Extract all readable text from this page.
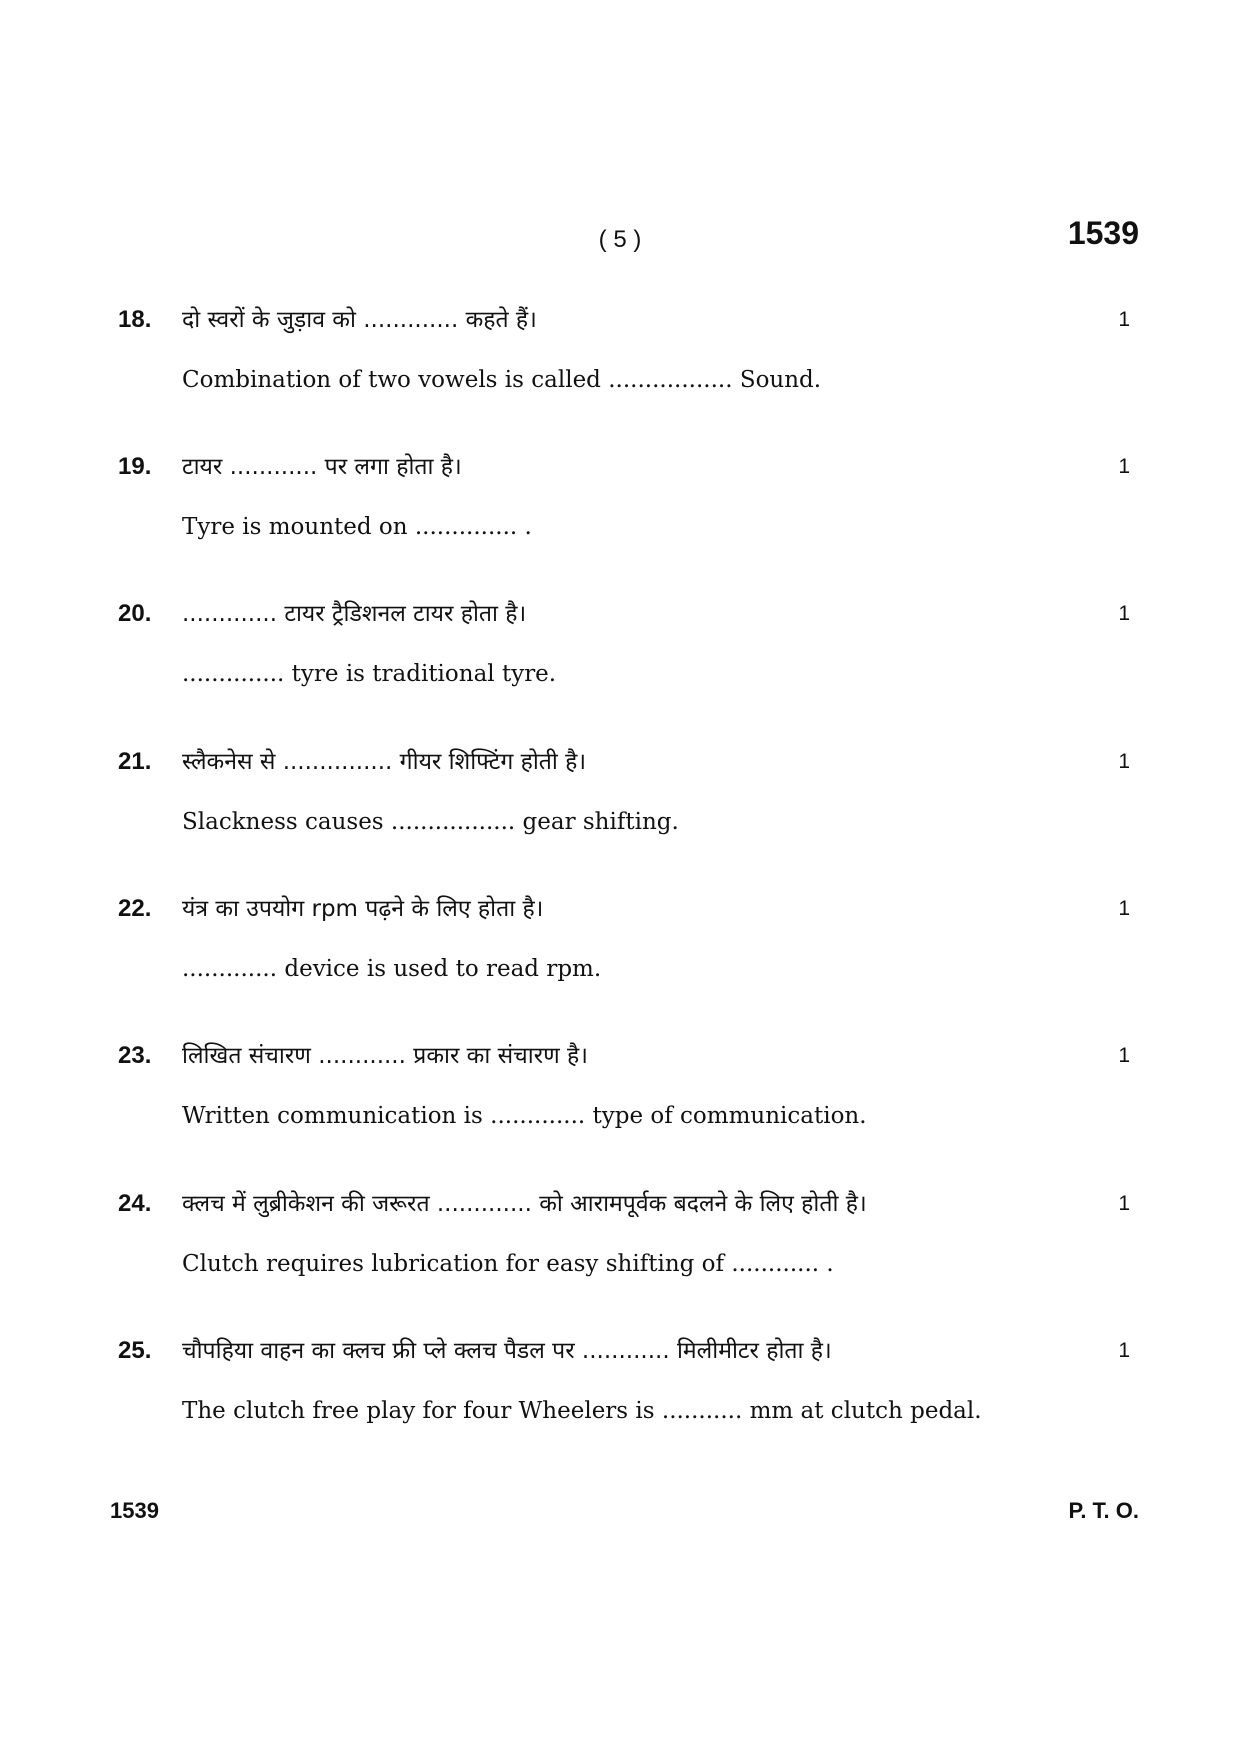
( 5 )	1539
18.	दो स्वरों के जुड़ाव को ............. कहते हैं।	1
Combination of two vowels is called ................. Sound.
19.	टायर ............ पर लगा होता है।	1
Tyre is mounted on .............. .
20.	............. टायर ट्रैडिशनल टायर होता है।	1
.............. tyre is traditional tyre.
21.	स्लैकनेस से ............... गीयर शिफ्टिंग होती है।	1
Slackness causes ................. gear shifting.
22.	यंत्र का उपयोग rpm पढ़ने के लिए होता है।	1
............. device is used to read rpm.
23.	लिखित संचारण ............ प्रकार का संचारण है।	1
Written communication is ............. type of communication.
24.	क्लच में लुब्रीकेशन की जरूरत ............. को आरामपूर्वक बदलने के लिए होती है।	1
Clutch requires lubrication for easy shifting of ............ .
25.	चौपहिया वाहन का क्लच फ्री प्ले क्लच पैडल पर ............ मिलीमीटर होता है।	1
The clutch free play for four Wheelers is ........... mm at clutch pedal.
1539	P. T. O.
